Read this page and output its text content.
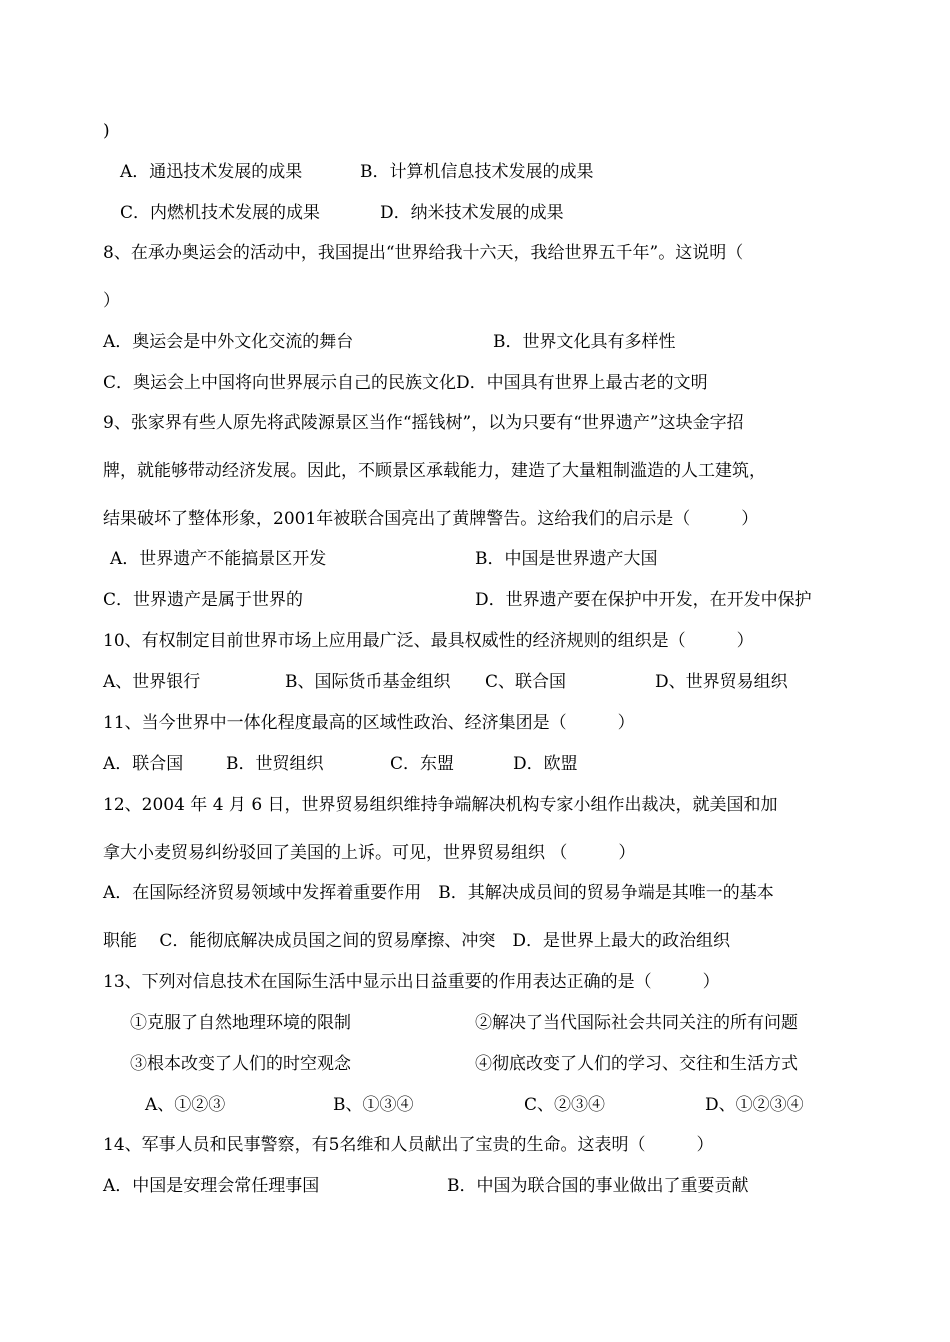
)
A．通迅技术发展的成果	B．计算机信息技术发展的成果
C．内燃机技术发展的成果	D．纳米技术发展的成果
8、在承办奥运会的活动中，我国提出“世界给我十六天，我给世界五千年”。这说明（
）
A．奥运会是中外文化交流的舞台	B．世界文化具有多样性
C．奥运会上中国将向世界展示自己的民族文化D．中国具有世界上最古老的文明
9、张家界有些人原先将武陵源景区当作“摇钱树”，以为只要有“世界遗产”这块金字招
牌，就能够带动经济发展。因此，不顾景区承载能力，建造了大量粗制滥造的人工建筑，
结果破坏了整体形象，2001年被联合国亮出了黄牌警告。这给我们的启示是（　　　）
A．世界遗产不能搞景区开发	B．中国是世界遗产大国
C．世界遗产是属于世界的	D．世界遗产要在保护中开发，在开发中保护
10、有权制定目前世界市场上应用最广泛、最具权威性的经济规则的组织是（　　　）
A、世界银行	B、国际货币基金组织 C、联合国	D、世界贸易组织
11、当今世界中一体化程度最高的区域性政治、经济集团是（　　　）
A．联合国	B．世贸组织	C．东盟	D．欧盟
12、2004 年 4 月 6 日，世界贸易组织维持争端解决机构专家小组作出裁决，就美国和加
拿大小麦贸易纠纷驳回了美国的上诉。可见，世界贸易组织 （　　　）
A．在国际经济贸易领域中发挥着重要作用　B．其解决成员间的贸易争端是其唯一的基本
职能　 C．能彻底解决成员国之间的贸易摩擦、冲突　D．是世界上最大的政治组织
13、下列对信息技术在国际生活中显示出日益重要的作用表达正确的是（　　　）
①克服了自然地理环境的限制	②解决了当代国际社会共同关注的所有问题
③根本改变了人们的时空观念	④彻底改变了人们的学习、交往和生活方式
A、①②③	B、①③④	C、②③④	D、①②③④
14、军事人员和民事警察，有5名维和人员献出了宝贵的生命。这表明（　　　）
A．中国是安理会常任理事国	B．中国为联合国的事业做出了重要贡献
